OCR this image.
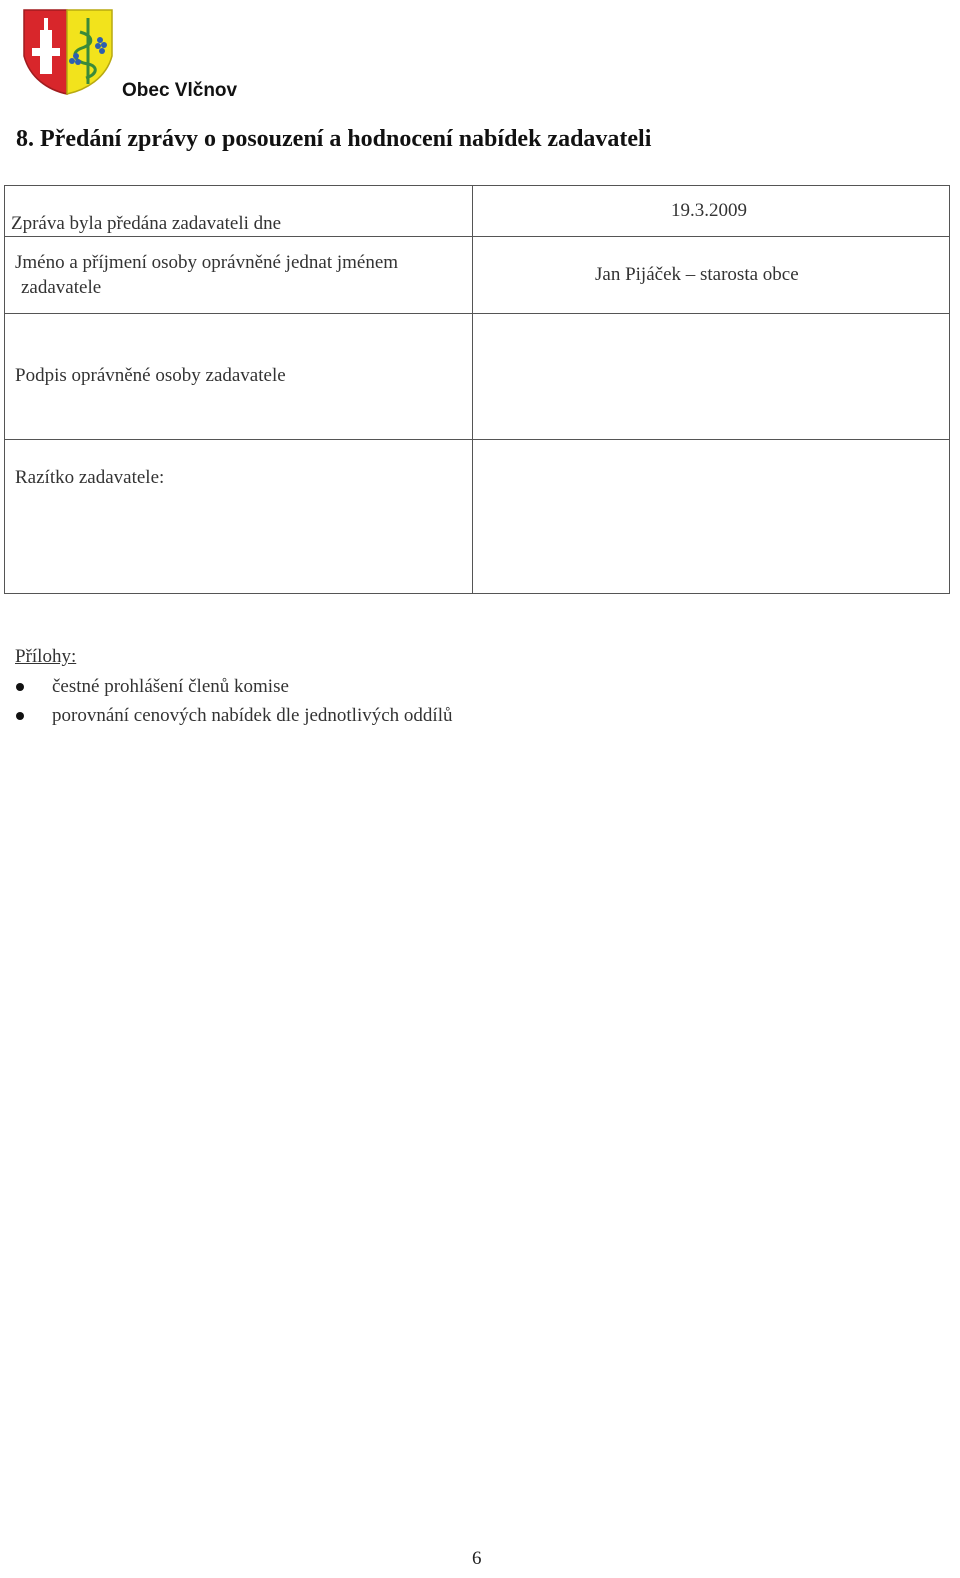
Obec Vlčnov
8. Předání zprávy o posouzení a hodnocení nabídek zadavateli
Zpráva byla předána zadavateli dne	19.3.2009

Jméno a příjmení osoby oprávněné jednat jménem
zadavatele	Jan Pijáček – starosta obce

Podpis oprávněné osoby zadavatele	

Razítko zadavatele:	

Přílohy:
čestné prohlášení členů komise
porovnání cenových nabídek dle jednotlivých oddílů
6
